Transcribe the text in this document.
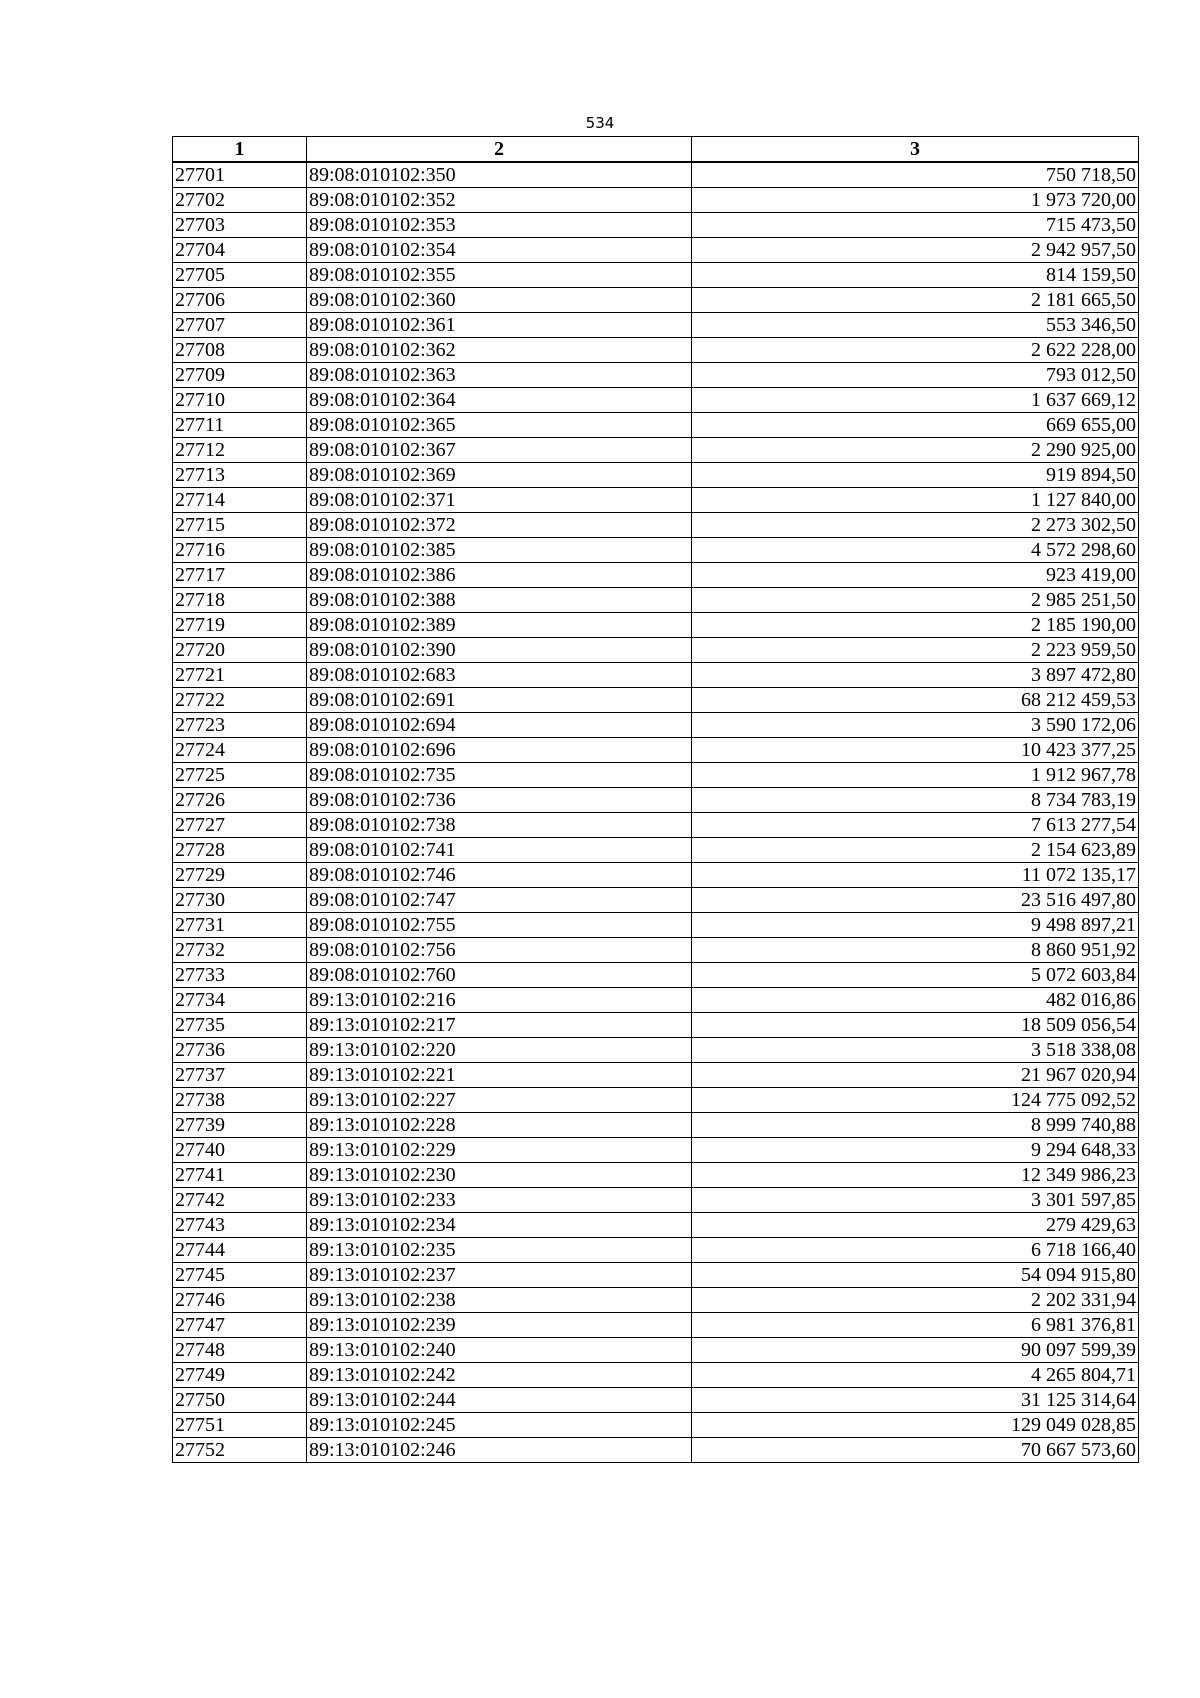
534
1	2	3
27701	89:08:010102:350	750 718,50
27702	89:08:010102:352	1 973 720,00
27703	89:08:010102:353	715 473,50
27704	89:08:010102:354	2 942 957,50
27705	89:08:010102:355	814 159,50
27706	89:08:010102:360	2 181 665,50
27707	89:08:010102:361	553 346,50
27708	89:08:010102:362	2 622 228,00
27709	89:08:010102:363	793 012,50
27710	89:08:010102:364	1 637 669,12
27711	89:08:010102:365	669 655,00
27712	89:08:010102:367	2 290 925,00
27713	89:08:010102:369	919 894,50
27714	89:08:010102:371	1 127 840,00
27715	89:08:010102:372	2 273 302,50
27716	89:08:010102:385	4 572 298,60
27717	89:08:010102:386	923 419,00
27718	89:08:010102:388	2 985 251,50
27719	89:08:010102:389	2 185 190,00
27720	89:08:010102:390	2 223 959,50
27721	89:08:010102:683	3 897 472,80
27722	89:08:010102:691	68 212 459,53
27723	89:08:010102:694	3 590 172,06
27724	89:08:010102:696	10 423 377,25
27725	89:08:010102:735	1 912 967,78
27726	89:08:010102:736	8 734 783,19
27727	89:08:010102:738	7 613 277,54
27728	89:08:010102:741	2 154 623,89
27729	89:08:010102:746	11 072 135,17
27730	89:08:010102:747	23 516 497,80
27731	89:08:010102:755	9 498 897,21
27732	89:08:010102:756	8 860 951,92
27733	89:08:010102:760	5 072 603,84
27734	89:13:010102:216	482 016,86
27735	89:13:010102:217	18 509 056,54
27736	89:13:010102:220	3 518 338,08
27737	89:13:010102:221	21 967 020,94
27738	89:13:010102:227	124 775 092,52
27739	89:13:010102:228	8 999 740,88
27740	89:13:010102:229	9 294 648,33
27741	89:13:010102:230	12 349 986,23
27742	89:13:010102:233	3 301 597,85
27743	89:13:010102:234	279 429,63
27744	89:13:010102:235	6 718 166,40
27745	89:13:010102:237	54 094 915,80
27746	89:13:010102:238	2 202 331,94
27747	89:13:010102:239	6 981 376,81
27748	89:13:010102:240	90 097 599,39
27749	89:13:010102:242	4 265 804,71
27750	89:13:010102:244	31 125 314,64
27751	89:13:010102:245	129 049 028,85
27752	89:13:010102:246	70 667 573,60
